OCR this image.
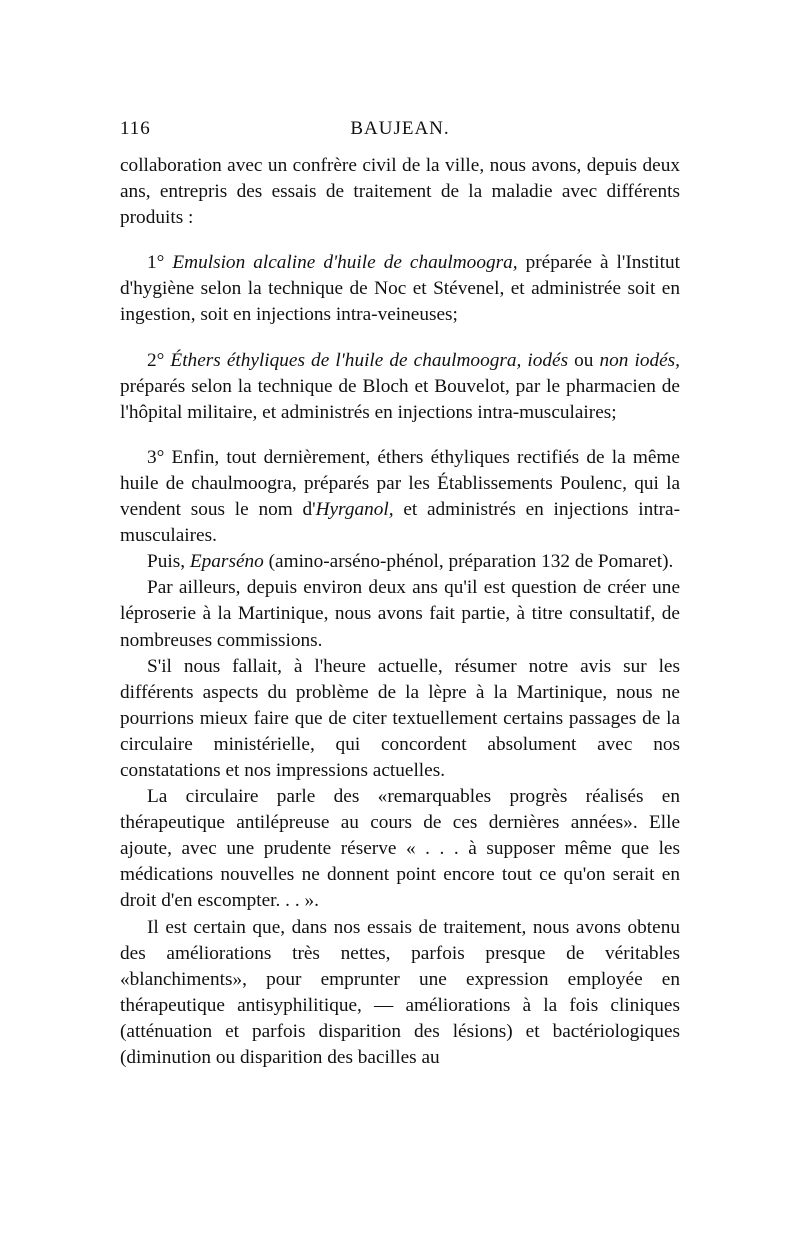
116	BAUJEAN.

collaboration avec un confrère civil de la ville, nous avons, depuis deux ans, entrepris des essais de traitement de la maladie avec différents produits :

1° Emulsion alcaline d'huile de chaulmoogra, préparée à l'Institut d'hygiène selon la technique de Noc et Stévenel, et administrée soit en ingestion, soit en injections intra-veineuses;

2° Éthers éthyliques de l'huile de chaulmoogra, iodés ou non iodés, préparés selon la technique de Bloch et Bouvelot, par le pharmacien de l'hôpital militaire, et administrés en injections intra-musculaires;

3° Enfin, tout dernièrement, éthers éthyliques rectifiés de la même huile de chaulmoogra, préparés par les Établissements Poulenc, qui la vendent sous le nom d'Hyrganol, et administrés en injections intra-musculaires.

Puis, Eparséno (amino-arséno-phénol, préparation 132 de Pomaret).

Par ailleurs, depuis environ deux ans qu'il est question de créer une léproserie à la Martinique, nous avons fait partie, à titre consultatif, de nombreuses commissions.

S'il nous fallait, à l'heure actuelle, résumer notre avis sur les différents aspects du problème de la lèpre à la Martinique, nous ne pourrions mieux faire que de citer textuellement certains passages de la circulaire ministérielle, qui concordent absolument avec nos constatations et nos impressions actuelles.

La circulaire parle des «remarquables progrès réalisés en thérapeutique antilépreuse au cours de ces dernières années». Elle ajoute, avec une prudente réserve « . . . à supposer même que les médications nouvelles ne donnent point encore tout ce qu'on serait en droit d'en escompter. . . ».

Il est certain que, dans nos essais de traitement, nous avons obtenu des améliorations très nettes, parfois presque de véritables «blanchiments», pour emprunter une expression employée en thérapeutique antisyphilitique, — améliorations à la fois cliniques (atténuation et parfois disparition des lésions) et bactériologiques (diminution ou disparition des bacilles au
